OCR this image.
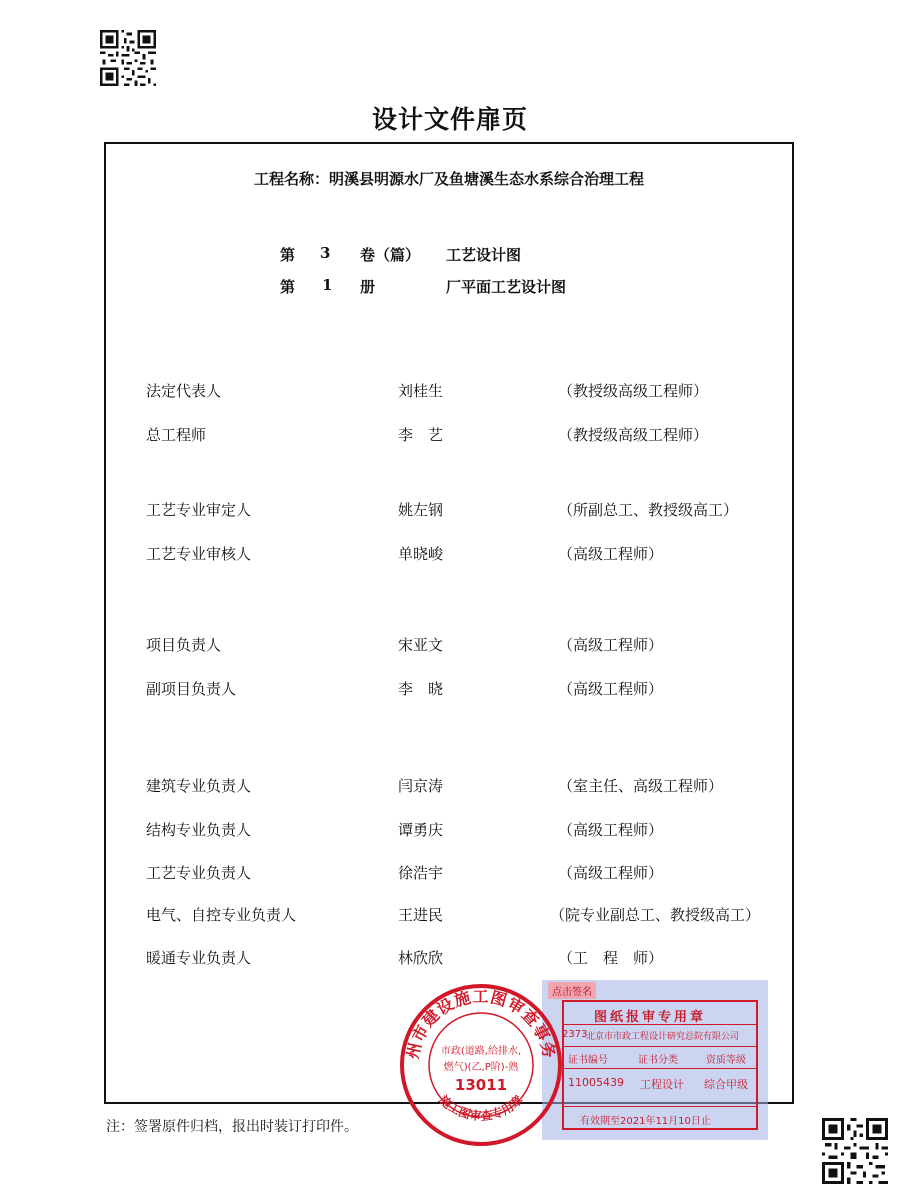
设计文件扉页
工程名称：明溪县明源水厂及鱼塘溪生态水系综合治理工程
第 3 卷（篇） 工艺设计图
第 1 册	厂平面工艺设计图
法定代表人	刘桂生	（教授级高级工程师）
总工程师	李　艺	（教授级高级工程师）
工艺专业审定人	姚左钢	（所副总工、教授级高工）
工艺专业审核人	单晓峻	（高级工程师）
项目负责人	宋亚文	（高级工程师）
副项目负责人	李　晓	（高级工程师）
建筑专业负责人	闫京涛	（室主任、高级工程师）
结构专业负责人	谭勇庆	（高级工程师）
工艺专业负责人	徐浩宇	（高级工程师）
电气、自控专业负责人	王进民	（院专业副总工、教授级高工）
暖通专业负责人	林欣欣	（工　程　师）
点击签名
图纸报审专用章
2373
北京市市政工程设计研究总院有限公司
证书编号	证书分类	资质等级
11005439 工程设计 综合甲级
有效期至2021年11月10日止
州市建设施工图审查事务
施工图审查专用章
市政(道路,给排水,
燃气)(乙,P阶)-熟
13011
注：签署原件归档，报出时装订打印件。
